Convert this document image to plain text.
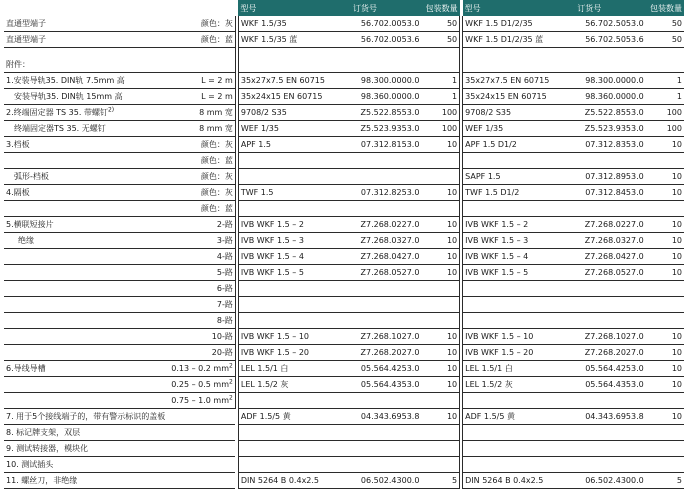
			型号	订货号	包装数量		型号	订货号	包装数量
直通型端子	颜色：灰		WKF 1.5/35	56.702.0053.0	50		WKF 1.5 D1/2/35	56.702.5053.0	50
直通型端子	颜色：蓝		WKF 1.5/35 蓝	56.702.0053.6	50		WKF 1.5 D1/2/35 蓝	56.702.5053.6	50

附件：									
1.安装导轨35. DIN轨 7.5mm 高	L = 2 m		35x27x7.5 EN 60715	98.300.0000.0	1		35x27x7.5 EN 60715	98.300.0000.0	1
安装导轨35. DIN轨 15mm 高	L = 2 m		35x24x15 EN 60715	98.360.0000.0	1		35x24x15 EN 60715	98.360.0000.0	1
2.终端固定器 TS 35. 带螺钉$^{2)}$	8 mm 宽		9708/2 S35	Z5.522.8553.0	100		9708/2 S35	Z5.522.8553.0	100
终端固定器TS 35. 无螺钉	8 mm 宽		WEF 1/35	Z5.523.9353.0	100		WEF 1/35	Z5.523.9353.0	100
3.档板	颜色：灰		APF 1.5	07.312.8153.0	10		APF 1.5 D1/2	07.312.8353.0	10
	颜色：蓝								
弧形-档板	颜色：灰						SAPF 1.5	07.312.8953.0	10
4.隔板	颜色：灰		TWF 1.5	07.312.8253.0	10		TWF 1.5 D1/2	07.312.8453.0	10
	颜色：蓝								
5.横联短接片	2-路		IVB WKF 1.5 – 2	Z7.268.0227.0	10		IVB WKF 1.5 – 2	Z7.268.0227.0	10
绝缘	3-路		IVB WKF 1.5 – 3	Z7.268.0327.0	10		IVB WKF 1.5 – 3	Z7.268.0327.0	10
	4-路		IVB WKF 1.5 – 4	Z7.268.0427.0	10		IVB WKF 1.5 – 4	Z7.268.0427.0	10
	5-路		IVB WKF 1.5 – 5	Z7.268.0527.0	10		IVB WKF 1.5 – 5	Z7.268.0527.0	10
	6-路								
	7-路								
	8-路								
	10-路		IVB WKF 1.5 – 10	Z7.268.1027.0	10		IVB WKF 1.5 – 10	Z7.268.1027.0	10
	20-路		IVB WKF 1.5 – 20	Z7.268.2027.0	10		IVB WKF 1.5 – 20	Z7.268.2027.0	10
6.导线导槽	0.13 – 0.2 $mm^2$		LEL 1.5/1 白	05.564.4253.0	10		LEL 1.5/1 白	05.564.4253.0	10
	0.25 – 0.5 $mm^2$		LEL 1.5/2 灰	05.564.4353.0	10		LEL 1.5/2 灰	05.564.4353.0	10
	0.75 – 1.0 $mm^2$								
7. 用于5个接线端子的，带有警示标识的盖板			ADF 1.5/5 黄	04.343.6953.8	10		ADF 1.5/5 黄	04.343.6953.8	10
8. 标记牌支架，双层									
9. 测试转接器，模块化									
10. 测试插头									
11. 螺丝刀，非绝缘			DIN 5264 B 0.4x2.5	06.502.4300.0	5		DIN 5264 B 0.4x2.5	06.502.4300.0	5
